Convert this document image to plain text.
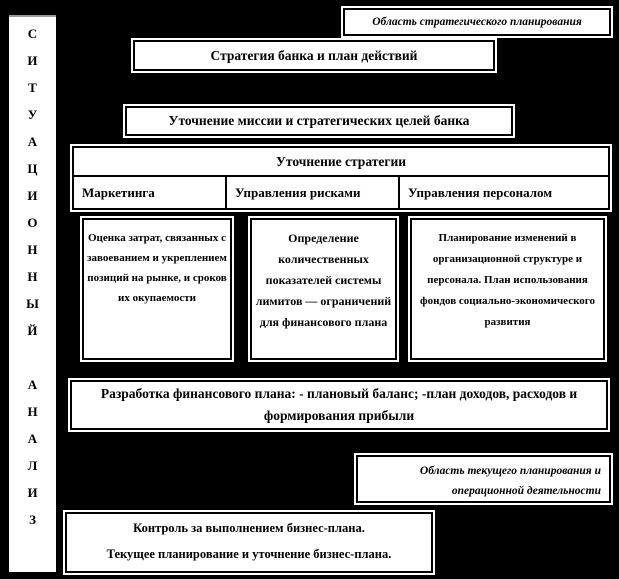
С
И
Т
У
А
Ц
И
О
Н
Н
Ы
Й
А
Н
А
Л
И
З
Область стратегического планирования
Стратегия банка и план действий
Уточнение миссии и стратегических целей банка
Уточнение стратегии
Маркетинга	Управления рисками	Управления персоналом
Оценка затрат, связанных с завоеванием и укреплением позиций на рынке, и сроков их окупаемости
Определение количественных показателей системы лимитов — ограничений для финансового плана
Планирование изменений в организационной структуре и персонала. План использования фондов социально-экономического развития
Разработка финансового плана: - плановый баланс; -план доходов, расходов и формирования прибыли
Область текущего планирования и
операционной деятельности
Контроль за выполнением бизнес-плана.
Текущее планирование и уточнение бизнес-плана.
